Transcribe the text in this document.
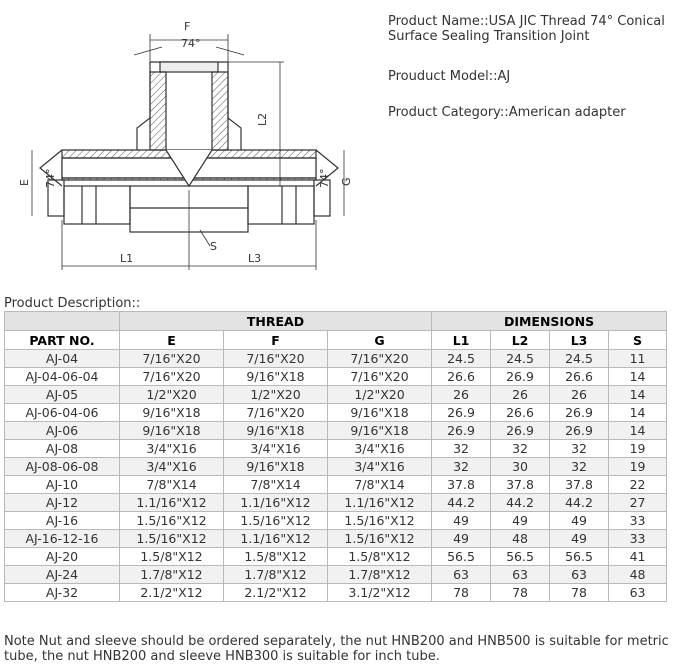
F
74°
L2
E 74°	74° G
S
L1	L3
Product Name::USA JIC Thread 74° Conical Surface Sealing Transition Joint
Prouduct Model::AJ
Product Category::American adapter
Product Description::
	THREAD			DIMENSIONS			
PART NO.	E	F	G	L1	L2	L3	S
AJ-04	7/16"X20	7/16"X20	7/16"X20	24.5	24.5	24.5	11
AJ-04-06-04	7/16"X20	9/16"X18	7/16"X20	26.6	26.9	26.6	14
AJ-05	1/2"X20	1/2"X20	1/2"X20	26	26	26	14
AJ-06-04-06	9/16"X18	7/16"X20	9/16"X18	26.9	26.6	26.9	14
AJ-06	9/16"X18	9/16"X18	9/16"X18	26.9	26.9	26.9	14
AJ-08	3/4"X16	3/4"X16	3/4"X16	32	32	32	19
AJ-08-06-08	3/4"X16	9/16"X18	3/4"X16	32	30	32	19
AJ-10	7/8"X14	7/8"X14	7/8"X14	37.8	37.8	37.8	22
AJ-12	1.1/16"X12	1.1/16"X12	1.1/16"X12	44.2	44.2	44.2	27
AJ-16	1.5/16"X12	1.5/16"X12	1.5/16"X12	49	49	49	33
AJ-16-12-16	1.5/16"X12	1.1/16"X12	1.5/16"X12	49	48	49	33
AJ-20	1.5/8"X12	1.5/8"X12	1.5/8"X12	56.5	56.5	56.5	41
AJ-24	1.7/8"X12	1.7/8"X12	1.7/8"X12	63	63	63	48
AJ-32	2.1/2"X12	2.1/2"X12	3.1/2"X12	78	78	78	63
Note Nut and sleeve should be ordered separately, the nut HNB200 and HNB500 is suitable for metric tube, the nut HNB200 and sleeve HNB300 is suitable for inch tube.
